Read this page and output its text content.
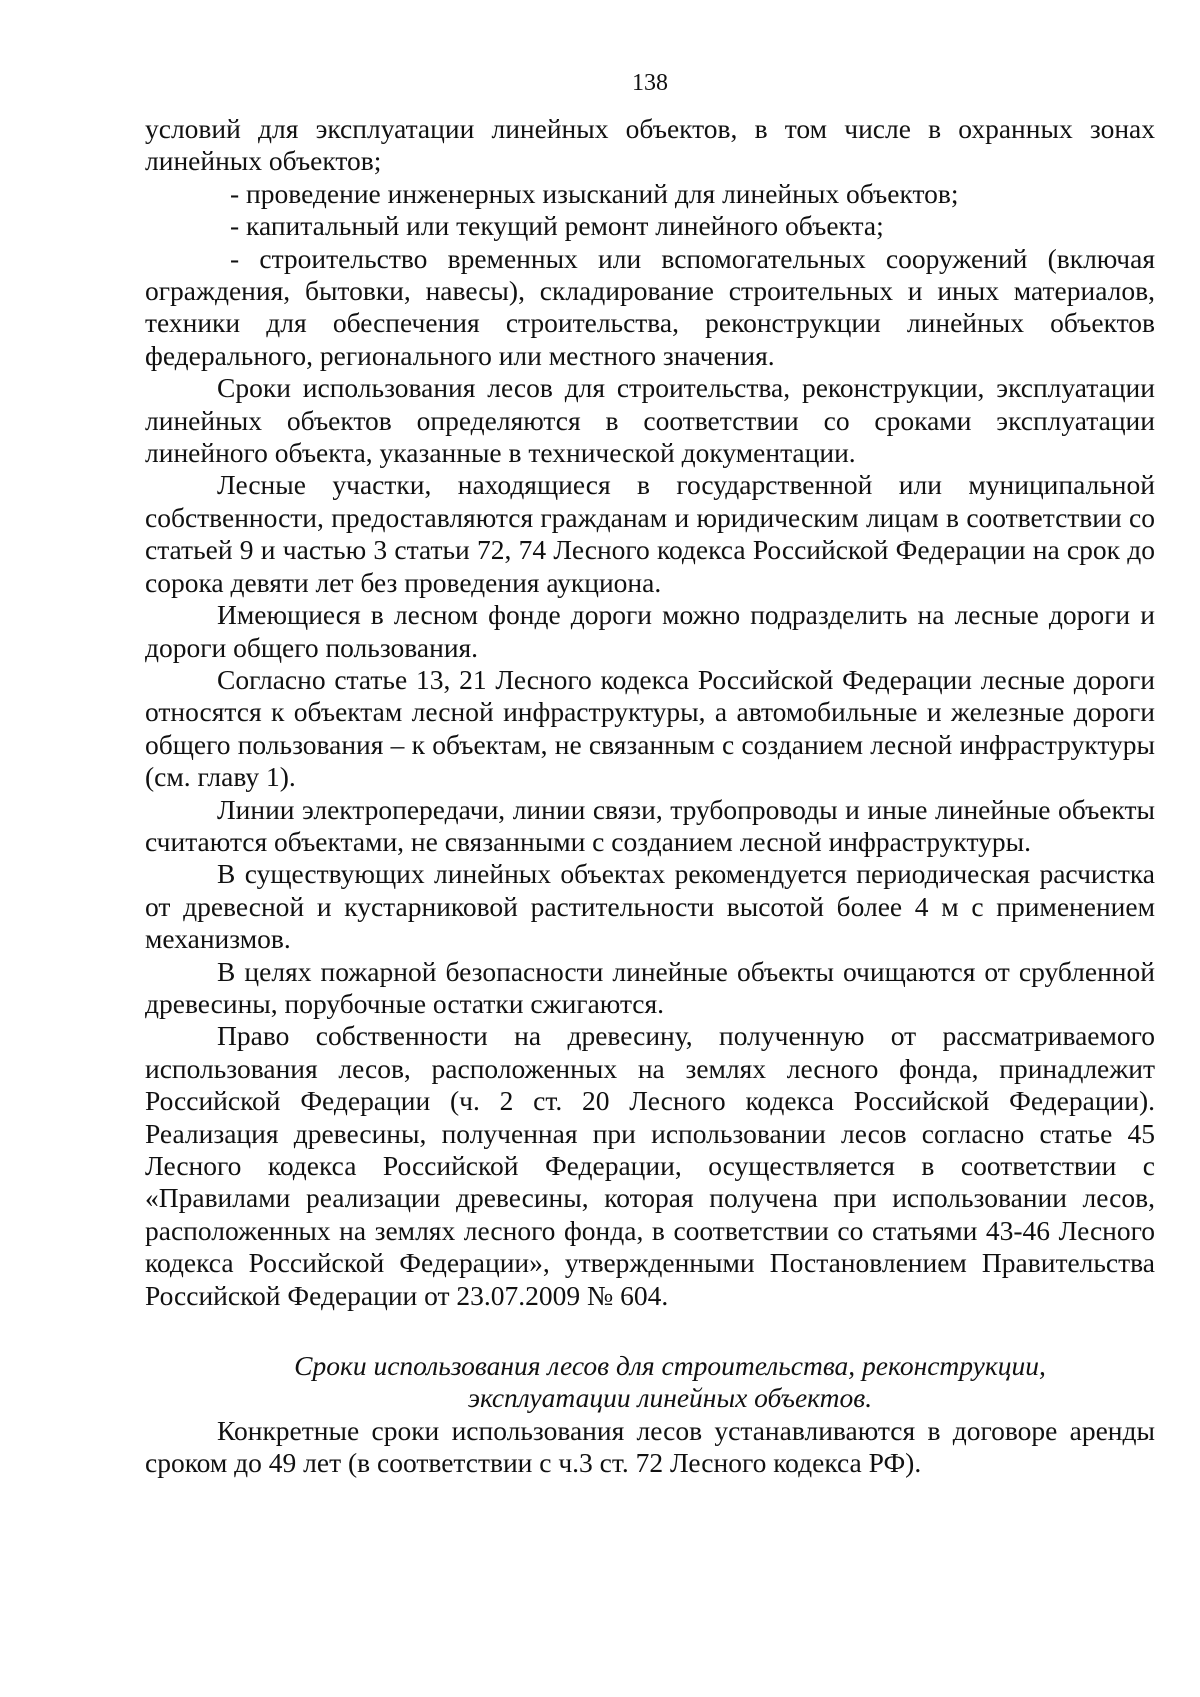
138

условий для эксплуатации линейных объектов, в том числе в охранных зонах линейных объектов;

- проведение инженерных изысканий для линейных объектов;

- капитальный или текущий ремонт линейного объекта;

- строительство временных или вспомогательных сооружений (включая ограждения, бытовки, навесы), складирование строительных и иных материалов, техники для обеспечения строительства, реконструкции линейных объектов федерального, регионального или местного значения.

Сроки использования лесов для строительства, реконструкции, эксплуатации линейных объектов определяются в соответствии со сроками эксплуатации линейного объекта, указанные в технической документации.

Лесные участки, находящиеся в государственной или муниципальной собственности, предоставляются гражданам и юридическим лицам в соответствии со статьей 9 и частью 3 статьи 72, 74 Лесного кодекса Российской Федерации на срок до сорока девяти лет без проведения аукциона.

Имеющиеся в лесном фонде дороги можно подразделить на лесные дороги и дороги общего пользования.

Согласно статье 13, 21 Лесного кодекса Российской Федерации лесные дороги относятся к объектам лесной инфраструктуры, а автомобильные и железные дороги общего пользования – к объектам, не связанным с созданием лесной инфраструктуры (см. главу 1).

Линии электропередачи, линии связи, трубопроводы и иные линейные объекты считаются объектами, не связанными с созданием лесной инфраструктуры.

В существующих линейных объектах рекомендуется периодическая расчистка от древесной и кустарниковой растительности высотой более 4 м с применением механизмов.

В целях пожарной безопасности линейные объекты очищаются от срубленной древесины, порубочные остатки сжигаются.

Право собственности на древесину, полученную от рассматриваемого использования лесов, расположенных на землях лесного фонда, принадлежит Российской Федерации (ч. 2 ст. 20 Лесного кодекса Российской Федерации). Реализация древесины, полученная при использовании лесов согласно статье 45 Лесного кодекса Российской Федерации, осуществляется в соответствии с «Правилами реализации древесины, которая получена при использовании лесов, расположенных на землях лесного фонда, в соответствии со статьями 43-46 Лесного кодекса Российской Федерации», утвержденными Постановлением Правительства Российской Федерации от 23.07.2009 № 604.

Сроки использования лесов для строительства, реконструкции,
эксплуатации линейных объектов.

Конкретные сроки использования лесов устанавливаются в договоре аренды сроком до 49 лет (в соответствии с ч.3 ст. 72 Лесного кодекса РФ).
